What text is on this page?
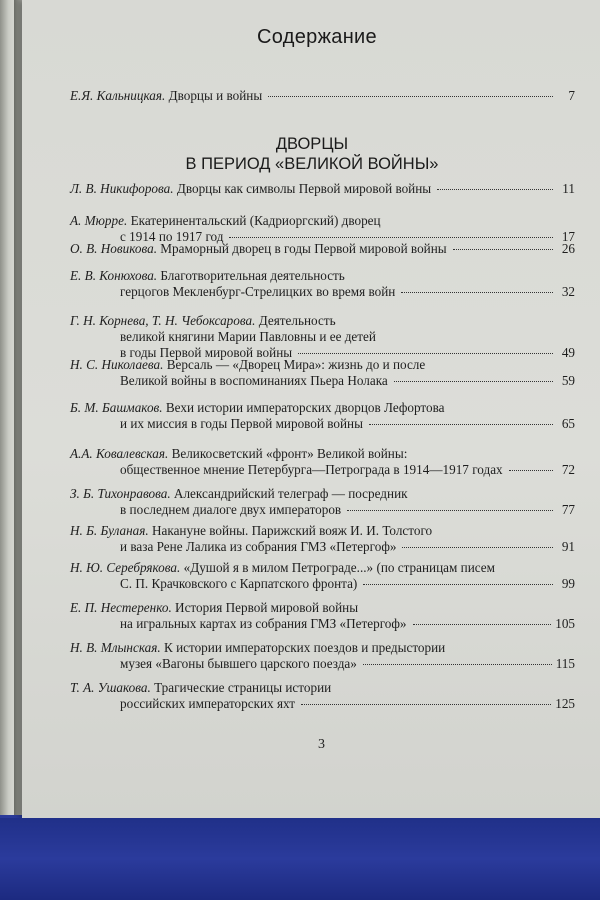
Содержание
Е.Я. Кальницкая.
Дворцы и войны	7
ДВОРЦЫ
В ПЕРИОД «ВЕЛИКОЙ ВОЙНЫ»
Л. В. Никифорова.
Дворцы как символы Первой мировой войны	11
А. Мюрре.
Екатеринентальский (Кадриоргский) дворец
с 1914 по 1917 год	17
О. В. Новикова.
Мраморный дворец в годы Первой мировой войны	26
Е. В. Конюхова.
Благотворительная деятельность
герцогов Мекленбург-Стрелицких во время войн	32
Г. Н. Корнева, Т. Н. Чебоксарова.
Деятельность
великой княгини Марии Павловны и ее детей
в годы Первой мировой войны	49
Н. С. Николаева.
Версаль — «Дворец Мира»: жизнь до и после
Великой войны в воспоминаниях Пьера Нолака	59
Б. М. Башмаков.
Вехи истории императорских дворцов Лефортова
и их миссия в годы Первой мировой войны	65
А.А. Ковалевская.
Великосветский «фронт» Великой войны:
общественное мнение Петербурга—Петрограда в 1914—1917 годах	72
З. Б. Тихонравова.
Александрийский телеграф — посредник
в последнем диалоге двух императоров	77
Н. Б. Буланая.
Накануне войны. Парижский вояж И. И. Толстого
и ваза Рене Лалика из собрания ГМЗ «Петергоф»	91
Н. Ю. Серебрякова.
«Душой я в милом Петрограде...» (по страницам писем
С. П. Крачковского с Карпатского фронта)	99
Е. П. Нестеренко.
История Первой мировой войны
на игральных картах из собрания ГМЗ «Петергоф»	105
Н. В. Млынская.
К истории императорских поездов и предыстории
музея «Вагоны бывшего царского поезда»	115
Т. А. Ушакова.
Трагические страницы истории
российских императорских яхт	125
3
